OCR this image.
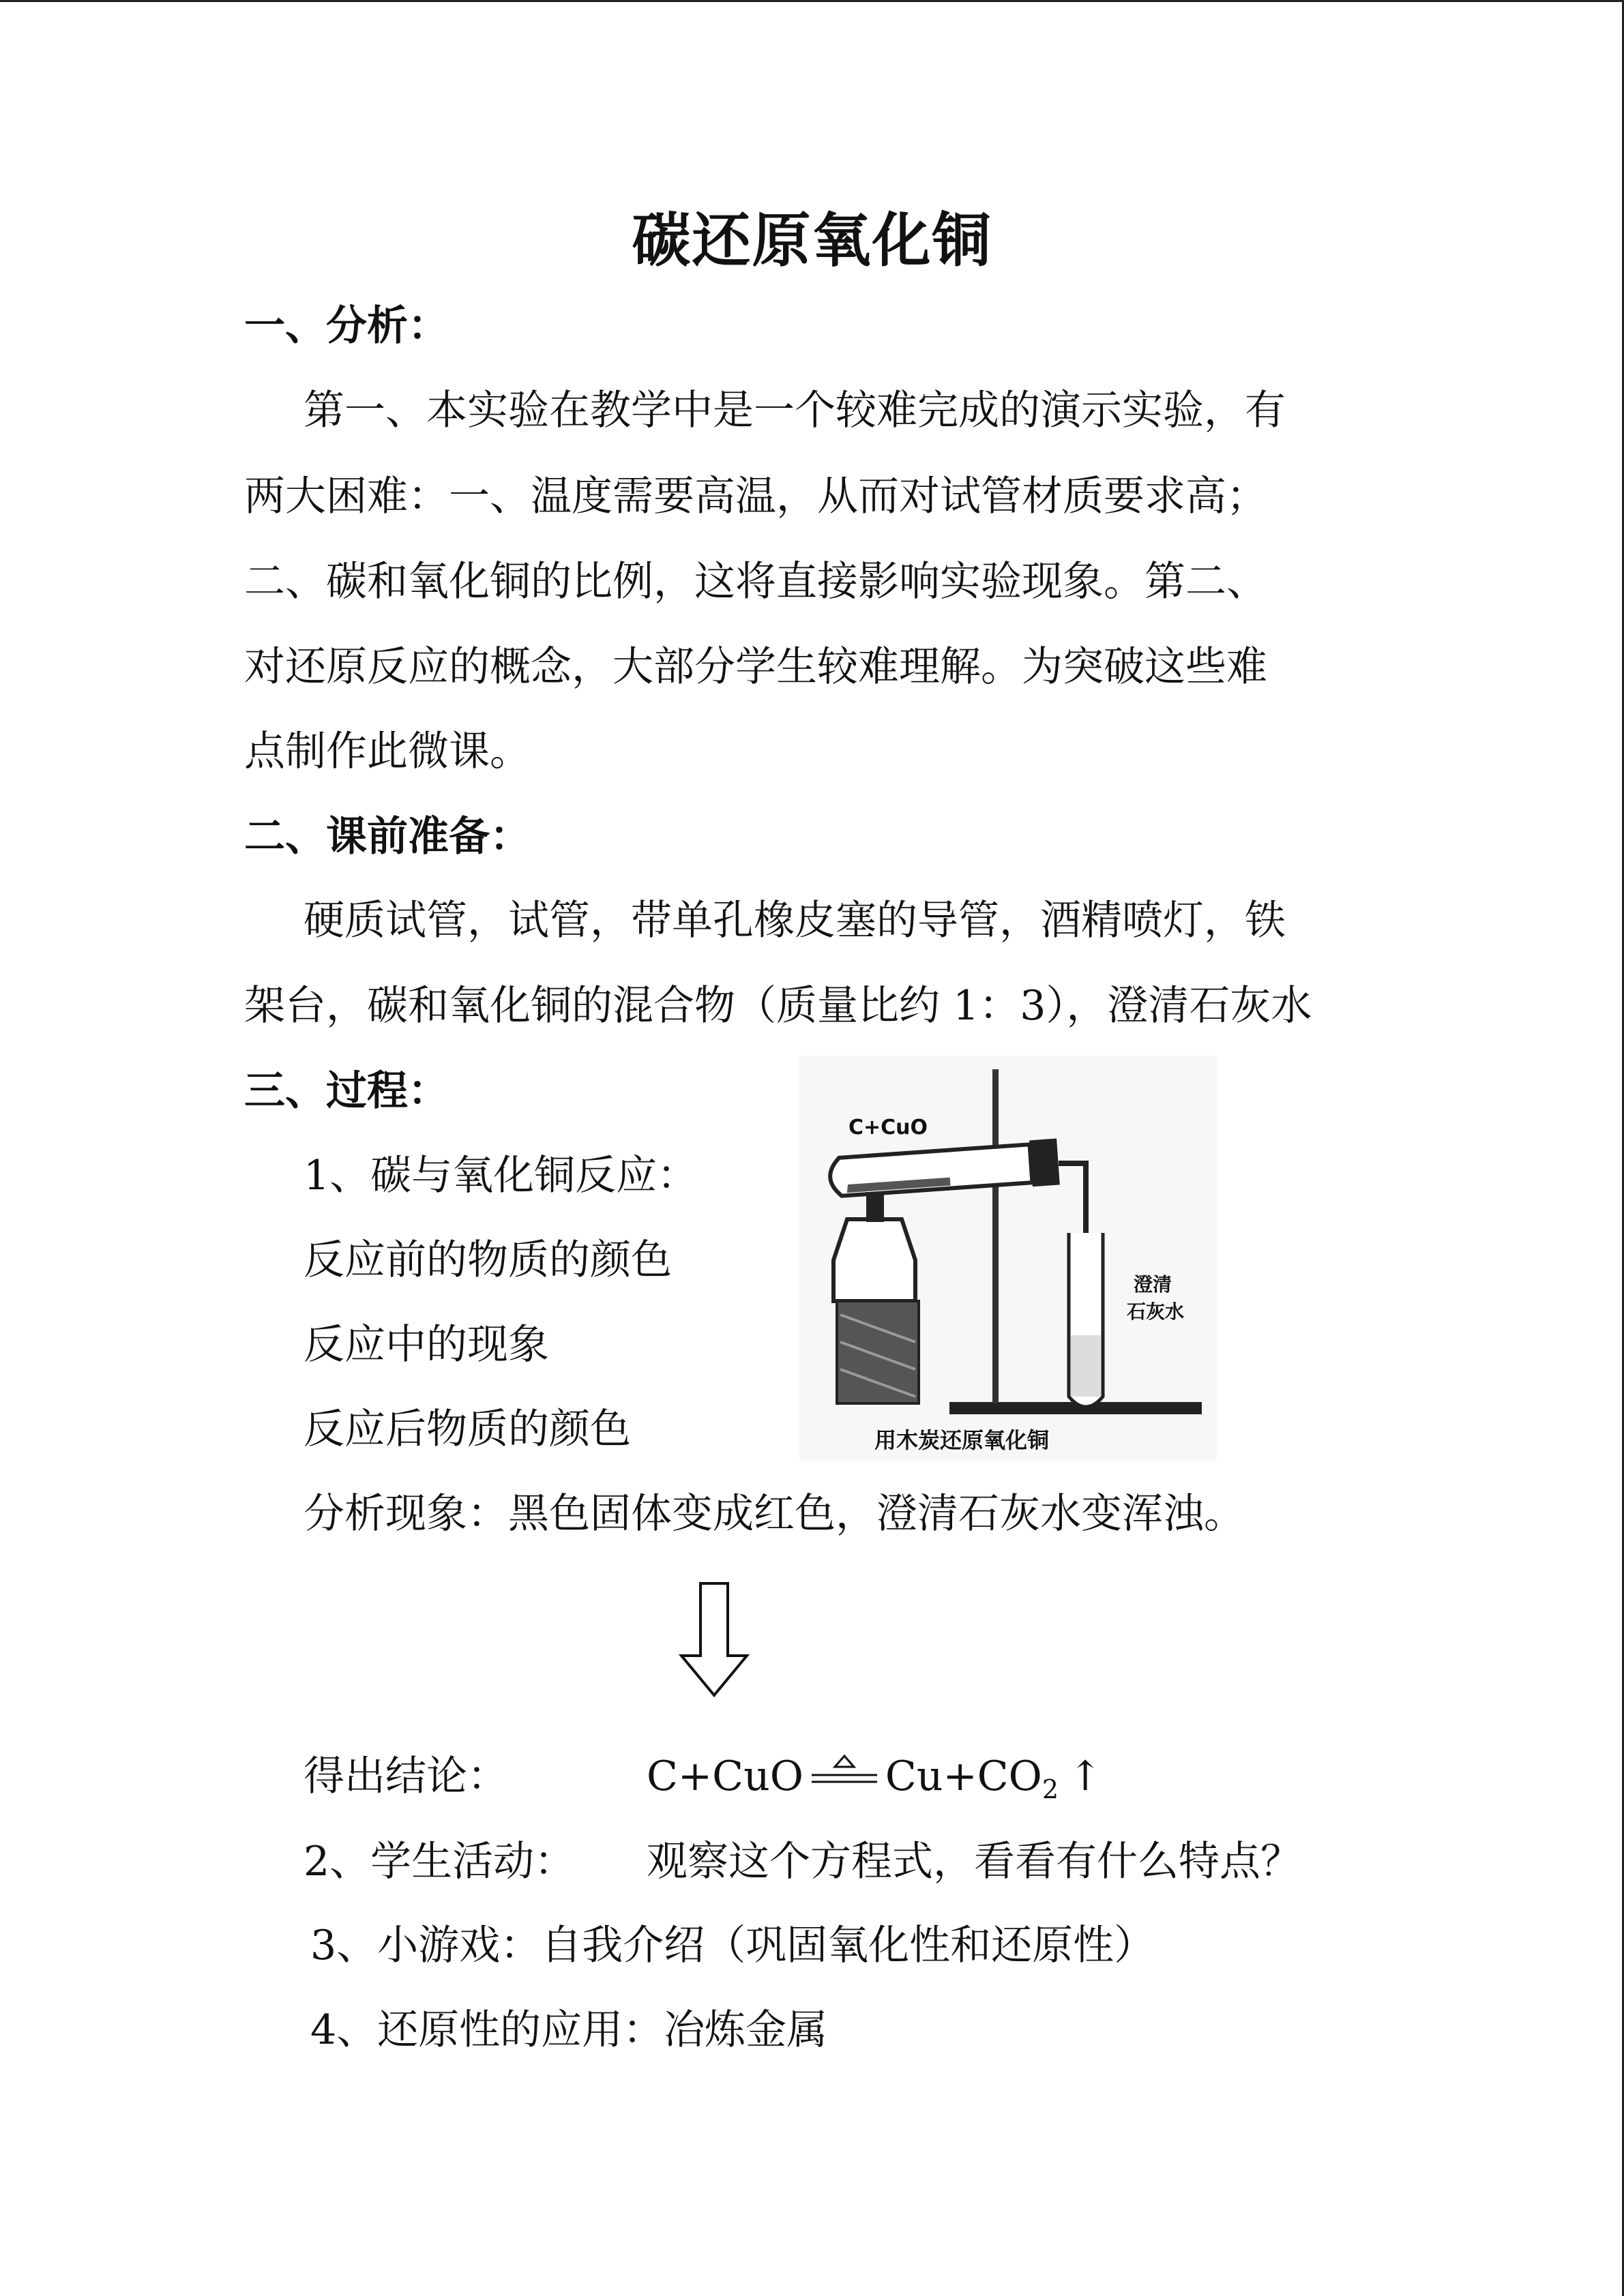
碳还原氧化铜
一、分析：
第一、本实验在教学中是一个较难完成的演示实验，有
两大困难：一、温度需要高温，从而对试管材质要求高；
二、碳和氧化铜的比例，这将直接影响实验现象。第二、
对还原反应的概念，大部分学生较难理解。为突破这些难
点制作此微课。
二、课前准备：
硬质试管，试管，带单孔橡皮塞的导管，酒精喷灯，铁
架台，碳和氧化铜的混合物（质量比约 1：3），澄清石灰水
三、过程：
1、碳与氧化铜反应：
反应前的物质的颜色
反应中的现象
反应后物质的颜色
C+CuO
澄清
石灰水
用木炭还原氧化铜
分析现象：黑色固体变成红色，澄清石灰水变浑浊。
得出结论：	C+CuO $Cu+CO_2$ ↑
2、学生活动： 观察这个方程式，看看有什么特点？
3、小游戏：自我介绍（巩固氧化性和还原性）
4、还原性的应用：冶炼金属
